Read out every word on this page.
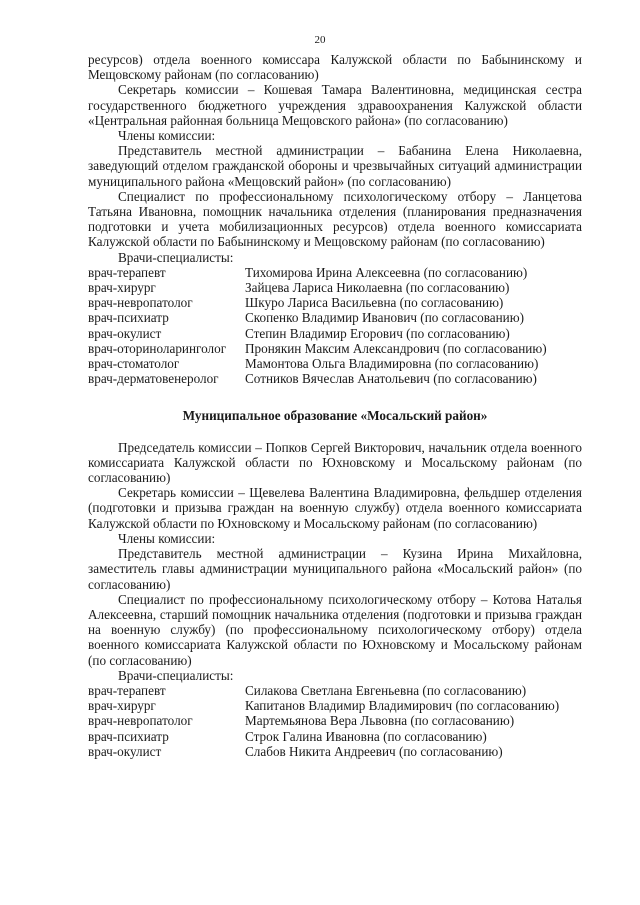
20

ресурсов) отдела военного комиссара Калужской области по Бабынинскому и Мещовскому районам (по согласованию)

Секретарь комиссии – Кошевая Тамара Валентиновна, медицинская сестра государственного бюджетного учреждения здравоохранения Калужской области «Центральная районная больница Мещовского района» (по согласованию)

Члены комиссии:

Представитель местной администрации – Бабанина Елена Николаевна, заведующий отделом гражданской обороны и чрезвычайных ситуаций администрации муниципального района «Мещовский район» (по согласованию)

Специалист по профессиональному психологическому отбору – Ланцетова Татьяна Ивановна, помощник начальника отделения (планирования предназначения подготовки и учета мобилизационных ресурсов) отдела военного комиссариата Калужской области по Бабынинскому и Мещовскому районам (по согласованию)

Врачи-специалисты:

врач-терапевт	Тихомирова Ирина Алексеевна (по согласованию)
врач-хирург	Зайцева Лариса Николаевна (по согласованию)
врач-невропатолог	Шкуро Лариса Васильевна (по согласованию)
врач-психиатр	Скопенко Владимир Иванович (по согласованию)
врач-окулист	Степин Владимир Егорович (по согласованию)
врач-оториноларинголог	Пронякин Максим Александрович (по согласованию)
врач-стоматолог	Мамонтова Ольга Владимировна (по согласованию)
врач-дерматовенеролог	Сотников Вячеслав Анатольевич (по согласованию)

Муниципальное образование «Мосальский район»

Председатель комиссии – Попков Сергей Викторович, начальник отдела военного комиссариата Калужской области по Юхновскому и Мосальскому районам (по согласованию)

Секретарь комиссии – Щевелева Валентина Владимировна, фельдшер отделения (подготовки и призыва граждан на военную службу) отдела военного комиссариата Калужской области по Юхновскому и Мосальскому районам (по согласованию)

Члены комиссии:

Представитель местной администрации – Кузина Ирина Михайловна, заместитель главы администрации муниципального района «Мосальский район» (по согласованию)

Специалист по профессиональному психологическому отбору – Котова Наталья Алексеевна, старший помощник начальника отделения (подготовки и призыва граждан на военную службу) (по профессиональному психологическому отбору) отдела военного комиссариата Калужской области по Юхновскому и Мосальскому районам (по согласованию)

Врачи-специалисты:

врач-терапевт	Силакова Светлана Евгеньевна (по согласованию)
врач-хирург	Капитанов Владимир Владимирович (по согласованию)
врач-невропатолог	Мартемьянова Вера Львовна (по согласованию)
врач-психиатр	Строк Галина Ивановна (по согласованию)
врач-окулист	Слабов Никита Андреевич (по согласованию)
